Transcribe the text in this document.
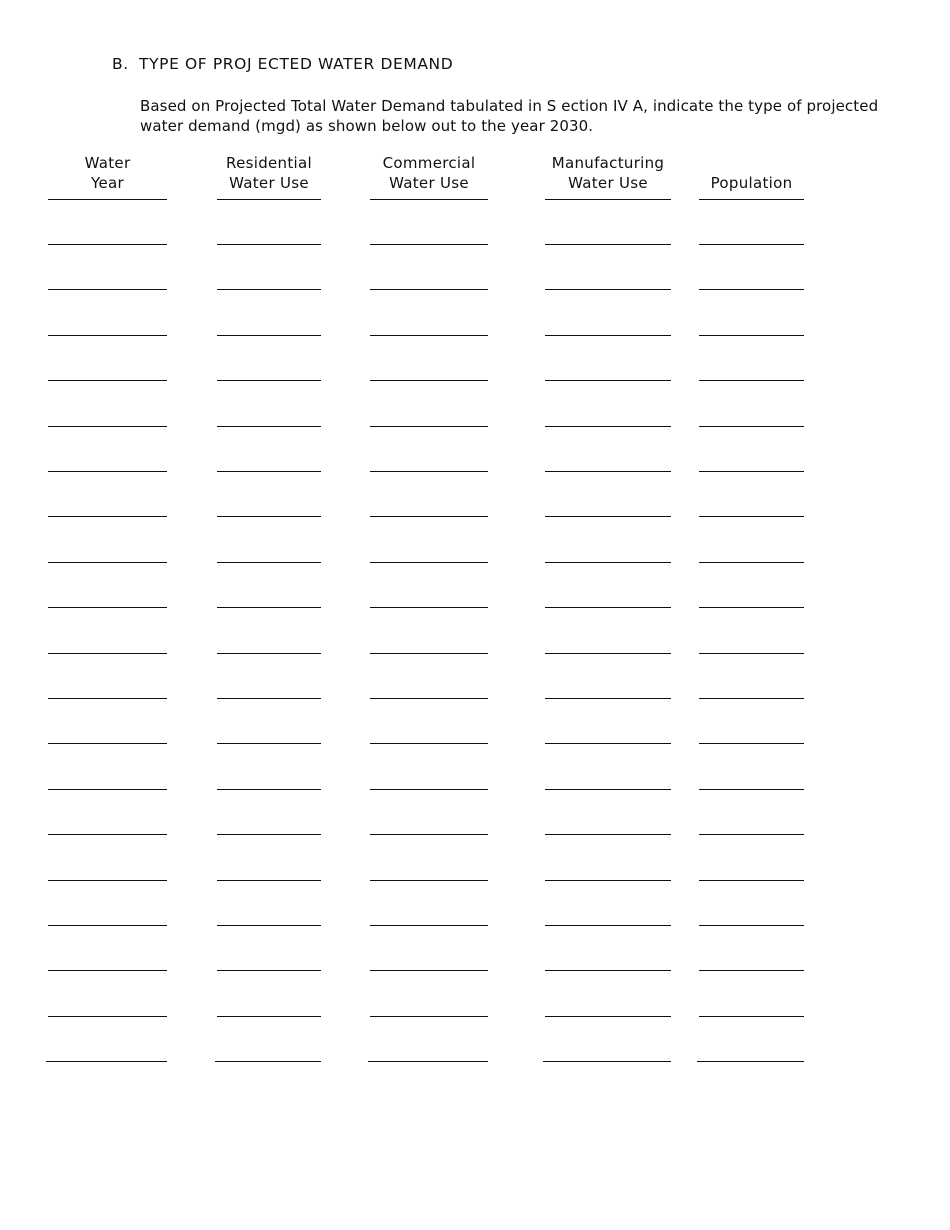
B. TYPE OF PROJ ECTED WATER DEMAND
Based on Projected Total Water Demand tabulated in S ection IV A, indicate the type of projected
water demand (mgd) as shown below out to the year 2030.
Water
Year
Residential
Water Use
Commercial
Water Use
Manufacturing
Water Use
	Population
